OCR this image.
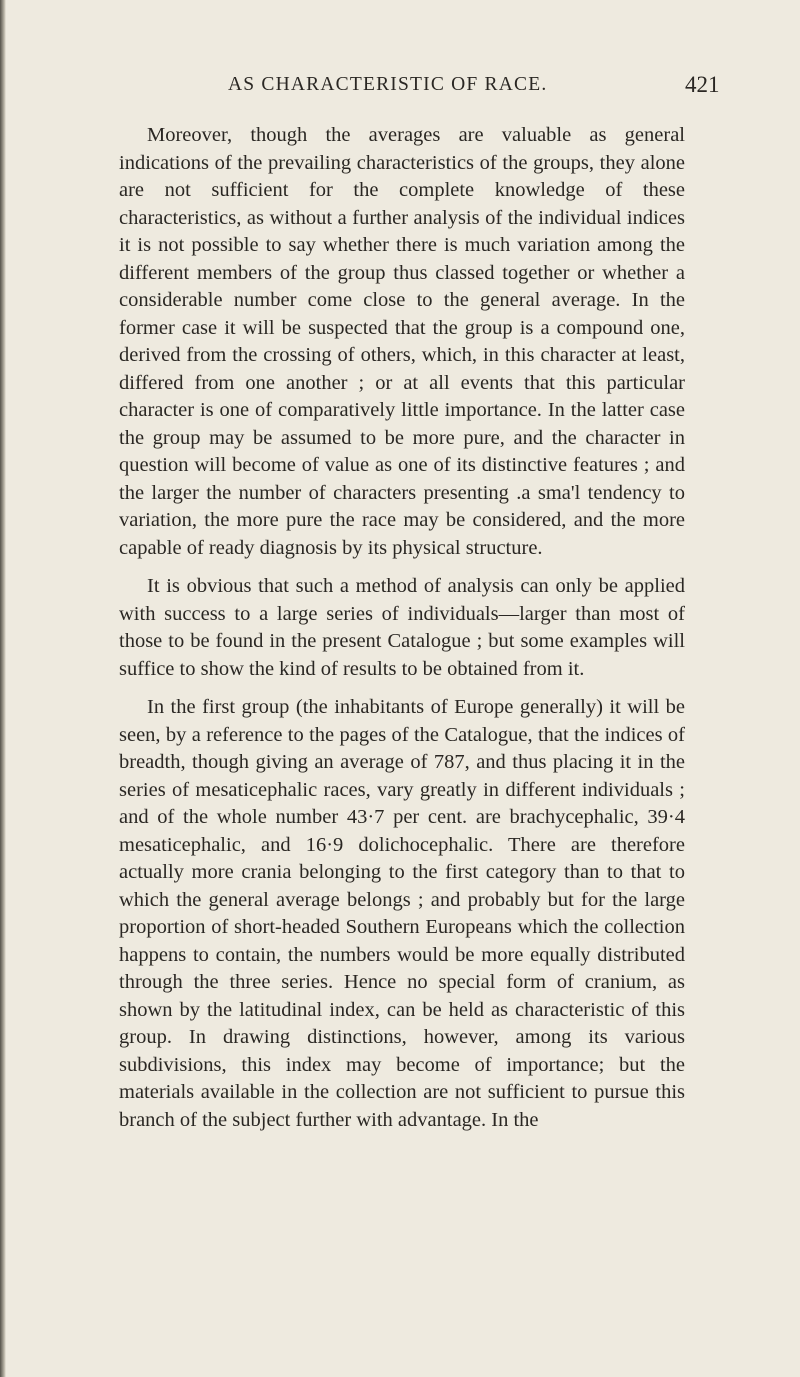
AS CHARACTERISTIC OF RACE.	421

Moreover, though the averages are valuable as general indications of the prevailing characteristics of the groups, they alone are not sufficient for the complete knowledge of these characteristics, as without a further analysis of the individual indices it is not possible to say whether there is much variation among the different members of the group thus classed together or whether a considerable number come close to the general average. In the former case it will be suspected that the group is a compound one, derived from the crossing of others, which, in this character at least, differed from one another ; or at all events that this particular character is one of comparatively little importance. In the latter case the group may be assumed to be more pure, and the character in question will become of value as one of its distinctive features ; and the larger the number of characters presenting .a sma'l tendency to variation, the more pure the race may be considered, and the more capable of ready diagnosis by its physical structure.

It is obvious that such a method of analysis can only be applied with success to a large series of individuals—larger than most of those to be found in the present Catalogue ; but some examples will suffice to show the kind of results to be obtained from it.

In the first group (the inhabitants of Europe generally) it will be seen, by a reference to the pages of the Catalogue, that the indices of breadth, though giving an average of 787, and thus placing it in the series of mesaticephalic races, vary greatly in different individuals ; and of the whole number 43·7 per cent. are brachycephalic, 39·4 mesaticephalic, and 16·9 dolichocephalic. There are therefore actually more crania belonging to the first category than to that to which the general average belongs ; and probably but for the large proportion of short-headed Southern Europeans which the collection happens to contain, the numbers would be more equally distributed through the three series. Hence no special form of cranium, as shown by the latitudinal index, can be held as characteristic of this group. In drawing distinctions, however, among its various subdivisions, this index may become of importance; but the materials available in the collection are not sufficient to pursue this branch of the subject further with advantage. In the
